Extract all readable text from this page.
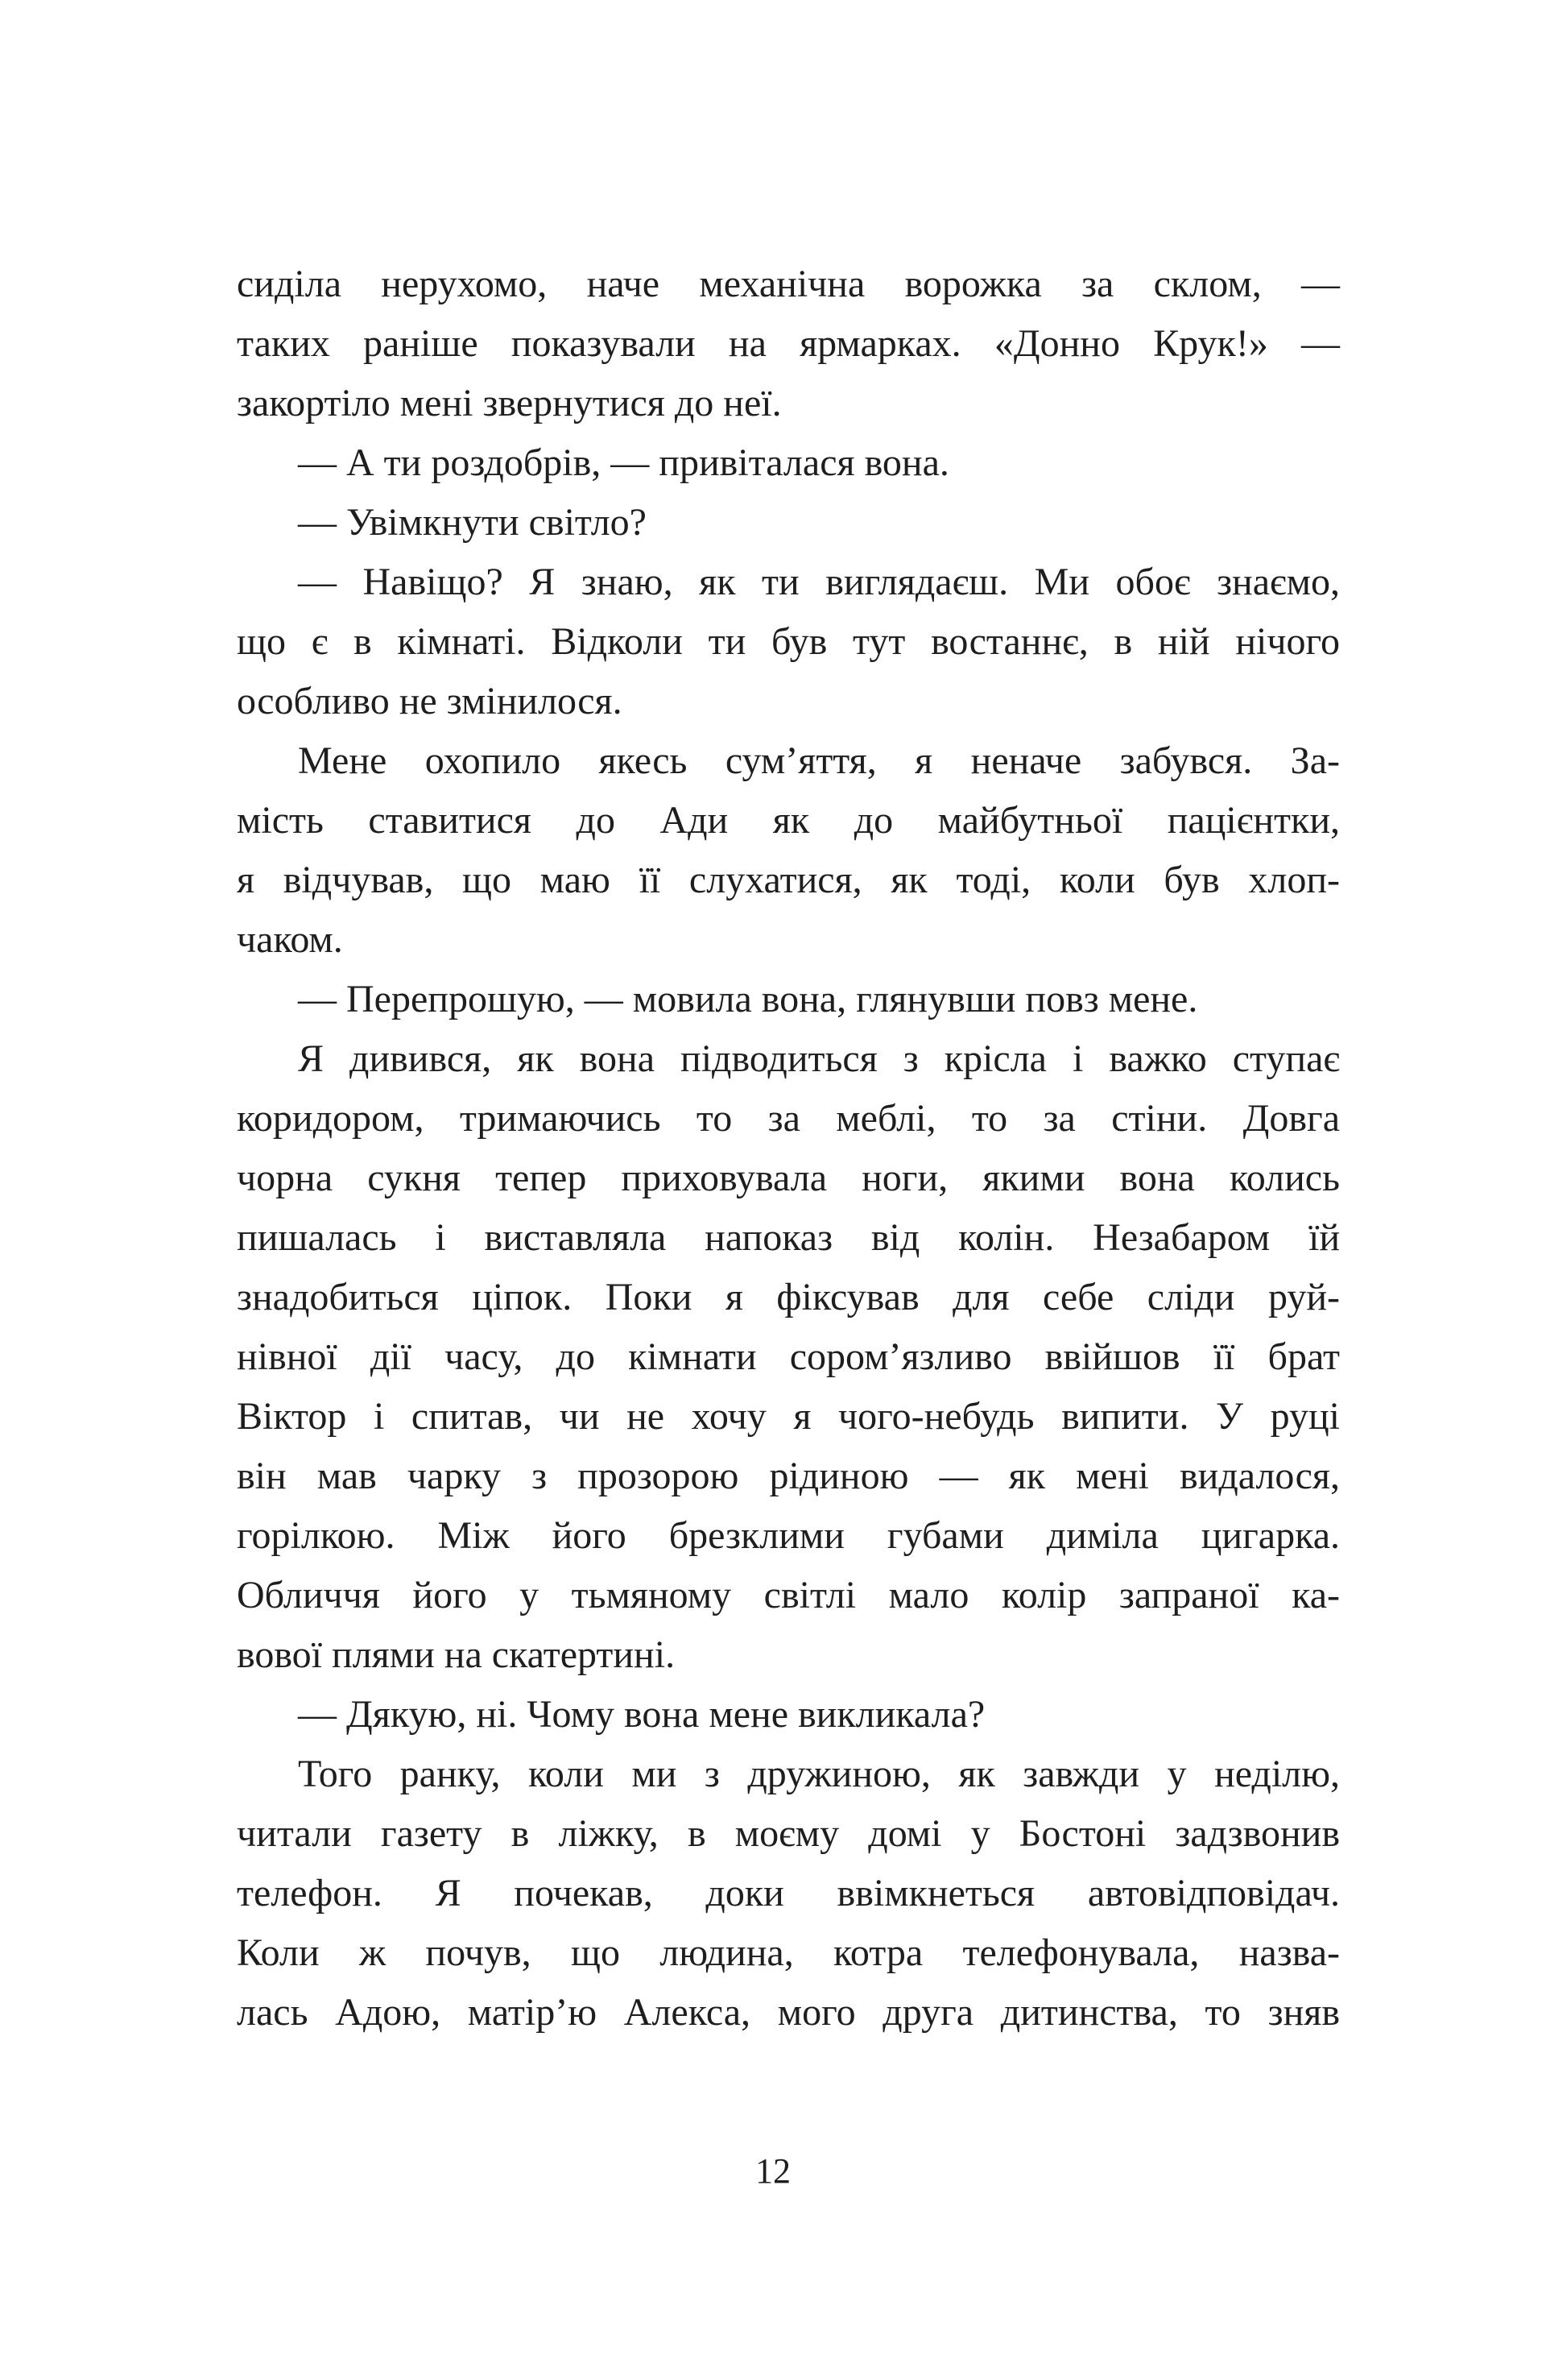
сиділа нерухомо, наче механічна ворожка за склом, —
таких раніше показували на ярмарках. «Донно Крук!» —
закортіло мені звернутися до неї.
— А ти роздобрів, — привіталася вона.
— Увімкнути світло?
— Навіщо? Я знаю, як ти виглядаєш. Ми обоє знаємо,
що є в кімнаті. Відколи ти був тут востаннє, в ній нічого
особливо не змінилося.
Мене охопило якесь сум’яття, я неначе забувся. За-
мість ставитися до Ади як до майбутньої пацієнтки,
я відчував, що маю її слухатися, як тоді, коли був хлоп-
чаком.
— Перепрошую, — мовила вона, глянувши повз мене.
Я дивився, як вона підводиться з крісла і важко ступає
коридором, тримаючись то за меблі, то за стіни. Довга
чорна сукня тепер приховувала ноги, якими вона колись
пишалась і виставляла напоказ від колін. Незабаром їй
знадобиться ціпок. Поки я фіксував для себе сліди руй-
нівної дії часу, до кімнати сором’язливо ввійшов її брат
Віктор і спитав, чи не хочу я чого-небудь випити. У руці
він мав чарку з прозорою рідиною — як мені видалося,
горілкою. Між його брезклими губами диміла цигарка.
Обличчя його у тьмяному світлі мало колір запраної ка-
вової плями на скатертині.
— Дякую, ні. Чому вона мене викликала?
Того ранку, коли ми з дружиною, як завжди у неділю,
читали газету в ліжку, в моєму домі у Бостоні задзвонив
телефон. Я почекав, доки ввімкнеться автовідповідач.
Коли ж почув, що людина, котра телефонувала, назва-
лась Адою, матір’ю Алекса, мого друга дитинства, то зняв
12
